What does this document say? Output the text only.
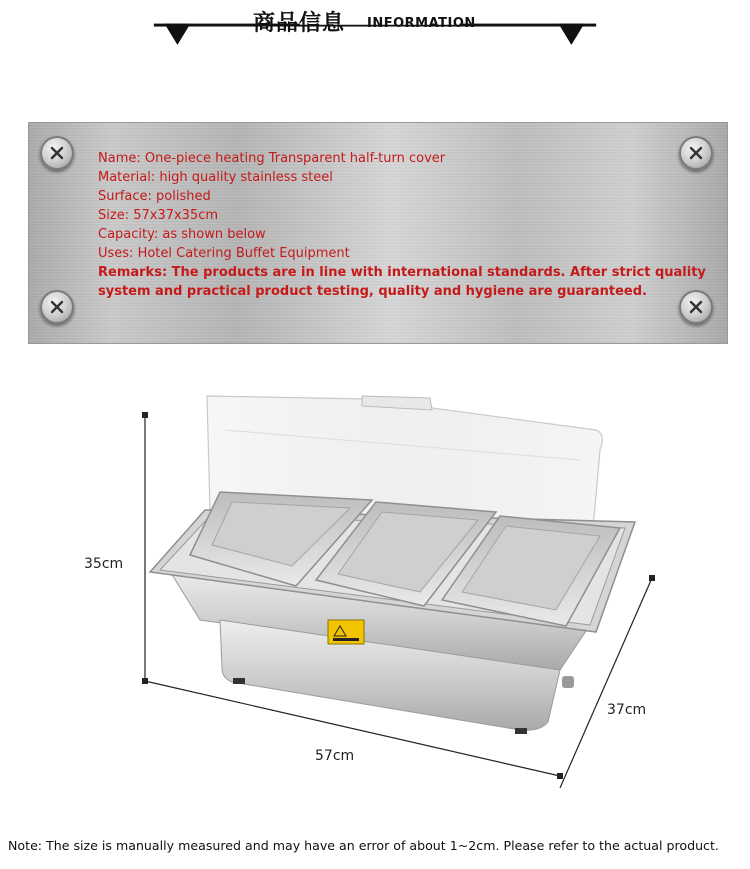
商品信息 INFORMATION
Name: One-piece heating Transparent half-turn cover
Material: high quality stainless steel
Surface: polished
Size: 57x37x35cm
Capacity: as shown below
Uses: Hotel Catering Buffet Equipment
Remarks: The products are in line with international standards. After strict quality
system and practical product testing, quality and hygiene are guaranteed.
35cm
37cm
57cm
Note: The size is manually measured and may have an error of about 1~2cm. Please refer to the actual product.
